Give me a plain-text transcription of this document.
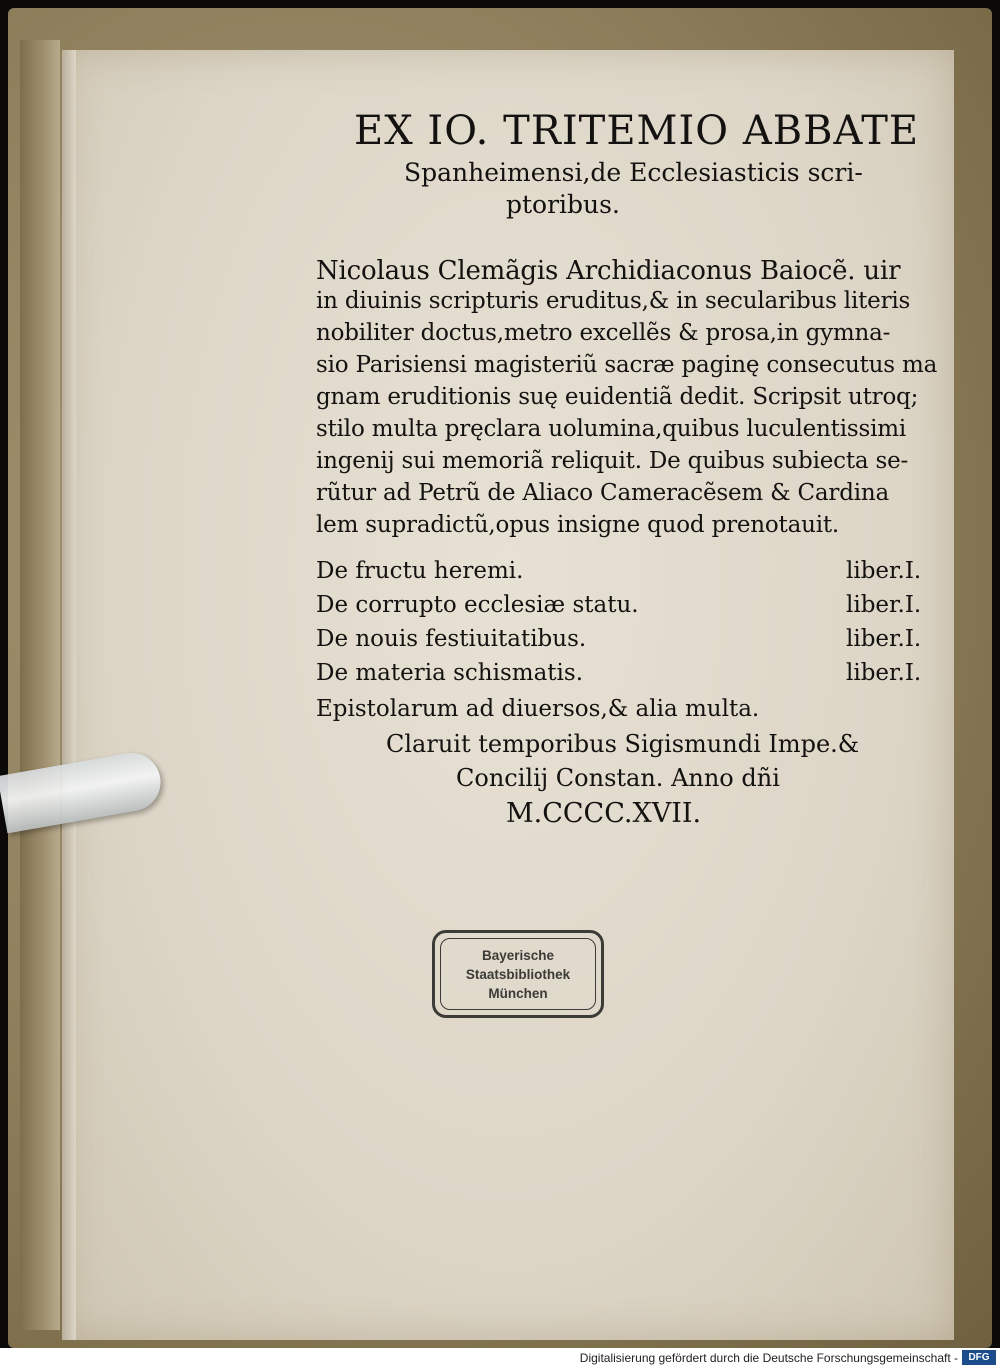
EX IO. TRITEMIO ABBATE
Spanheimensi,de Ecclesiasticis scri-
ptoribus.
Nicolaus Clemãgis Archidiaconus Baiocẽ. uir
in diuinis scripturis eruditus,& in secularibus literis
nobiliter doctus,metro excellẽs & prosa,in gymna-
sio Parisiensi magisteriũ sacræ paginę consecutus ma
gnam eruditionis suę euidentiã dedit. Scripsit utroq;
stilo multa pręclara uolumina,quibus luculentissimi
ingenij sui memoriã reliquit. De quibus subiecta se-
rũtur ad Petrũ de Aliaco Cameracẽsem & Cardina
lem supradictũ,opus insigne quod prenotauit.
De fructu heremi.	liber.I.
De corrupto ecclesiæ statu.	liber.I.
De nouis festiuitatibus.	liber.I.
De materia schismatis.	liber.I.
Epistolarum ad diuersos,& alia multa.
Claruit temporibus Sigismundi Impe.&
Concilij Constan. Anno dñi
M.CCCC.XVII.
Bayerische
Staatsbibliothek
München
Digitalisierung gefördert durch die Deutsche Forschungsgemeinschaft -	DFG
